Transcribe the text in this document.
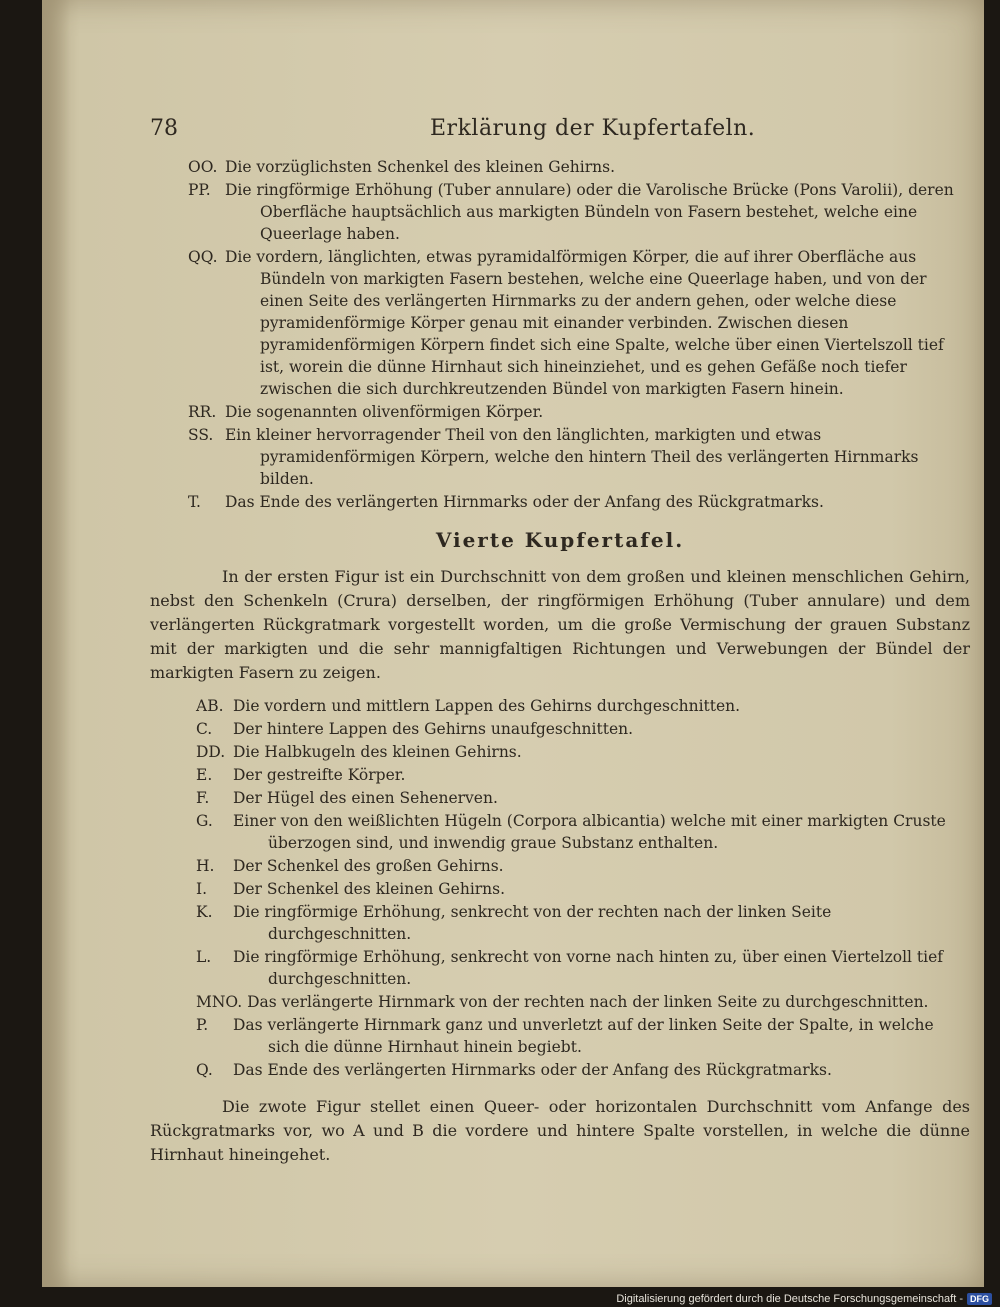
78	Erklärung der Kupfertafeln.
OO. Die vorzüglichsten Schenkel des kleinen Gehirns.
PP. Die ringförmige Erhöhung (Tuber annulare) oder die Varolische Brücke (Pons Varolii), deren Oberfläche hauptsächlich aus markigten Bündeln von Fasern bestehet, welche eine Queerlage haben.
QQ. Die vordern, länglichten, etwas pyramidalförmigen Körper, die auf ihrer Oberfläche aus Bündeln von markigten Fasern bestehen, welche eine Queerlage haben, und von der einen Seite des verlängerten Hirnmarks zu der andern gehen, oder welche diese pyramidenförmige Körper genau mit einander verbinden. Zwischen diesen pyramidenförmigen Körpern findet sich eine Spalte, welche über einen Viertelszoll tief ist, worein die dünne Hirnhaut sich hineinziehet, und es gehen Gefäße noch tiefer zwischen die sich durchkreutzenden Bündel von markigten Fasern hinein.
RR. Die sogenannten olivenförmigen Körper.
SS. Ein kleiner hervorragender Theil von den länglichten, markigten und etwas pyramidenförmigen Körpern, welche den hintern Theil des verlängerten Hirnmarks bilden.
T. Das Ende des verlängerten Hirnmarks oder der Anfang des Rückgratmarks.
Vierte Kupfertafel.

In der ersten Figur ist ein Durchschnitt von dem großen und kleinen menschlichen Gehirn, nebst den Schenkeln (Crura) derselben, der ringförmigen Erhöhung (Tuber annulare) und dem verlängerten Rückgratmark vorgestellt worden, um die große Vermischung der grauen Substanz mit der markigten und die sehr mannigfaltigen Richtungen und Verwebungen der Bündel der markigten Fasern zu zeigen.

AB. Die vordern und mittlern Lappen des Gehirns durchgeschnitten.
C. Der hintere Lappen des Gehirns unaufgeschnitten.
DD. Die Halbkugeln des kleinen Gehirns.
E. Der gestreifte Körper.
F. Der Hügel des einen Sehenerven.
G. Einer von den weißlichten Hügeln (Corpora albicantia) welche mit einer markigten Cruste überzogen sind, und inwendig graue Substanz enthalten.
H. Der Schenkel des großen Gehirns.
I. Der Schenkel des kleinen Gehirns.
K. Die ringförmige Erhöhung, senkrecht von der rechten nach der linken Seite durchgeschnitten.
L. Die ringförmige Erhöhung, senkrecht von vorne nach hinten zu, über einen Viertelzoll tief durchgeschnitten.
MNO. Das verlängerte Hirnmark von der rechten nach der linken Seite zu durchgeschnitten.
P. Das verlängerte Hirnmark ganz und unverletzt auf der linken Seite der Spalte, in welche sich die dünne Hirnhaut hinein begiebt.
Q. Das Ende des verlängerten Hirnmarks oder der Anfang des Rückgratmarks.

Die zwote Figur stellet einen Queer- oder horizontalen Durchschnitt vom Anfange des Rückgratmarks vor, wo A und B die vordere und hintere Spalte vorstellen, in welche die dünne Hirnhaut hineingehet.

Digitalisierung gefördert durch die Deutsche Forschungsgemeinschaft - DFG
